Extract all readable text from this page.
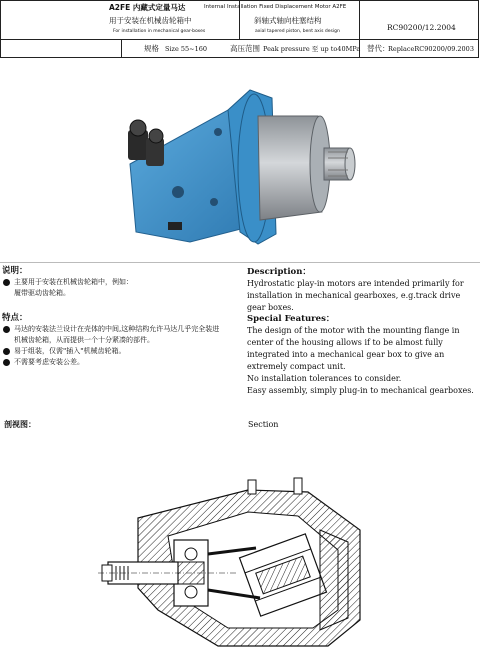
A2FE 内藏式定量马达	Internal Installation Fixed Displacement Motor A2FE
用于安装在机械齿轮箱中
For installation in mechanical gear-boxes
斜轴式轴向柱塞结构
axial tapered piston, bent axis design	RC90200/12.2004
规格 Size 55~160	高压范围 Peak pressure 至 up to40MPa 替代：
ReplaceRC90200/09.2003
说明：
主要用于安装在机械齿轮箱中，例如：
履带驱动齿轮箱。
Description：

Hydrostatic play-in motors are intended primarily for installation in mechanical gearboxes, e.g.track drive gear boxes.

特点：
马达的安装法兰设计在壳体的中间,这种结构允许马达几乎完全装进
机械齿轮箱，从而提供一个十分紧凑的部件。
易于组装，仅需"插入"机械齿轮箱。
不需要考虑安装公差。
Special Features：

The design of the motor with the mounting flange in center of the housing allows if to be almost fully integrated into a mechanical gear box to give an extremely compact unit.

No installation tolerances to consider.

Easy assembly, simply plug-in to mechanical gearboxes.

剖视图：	Section
